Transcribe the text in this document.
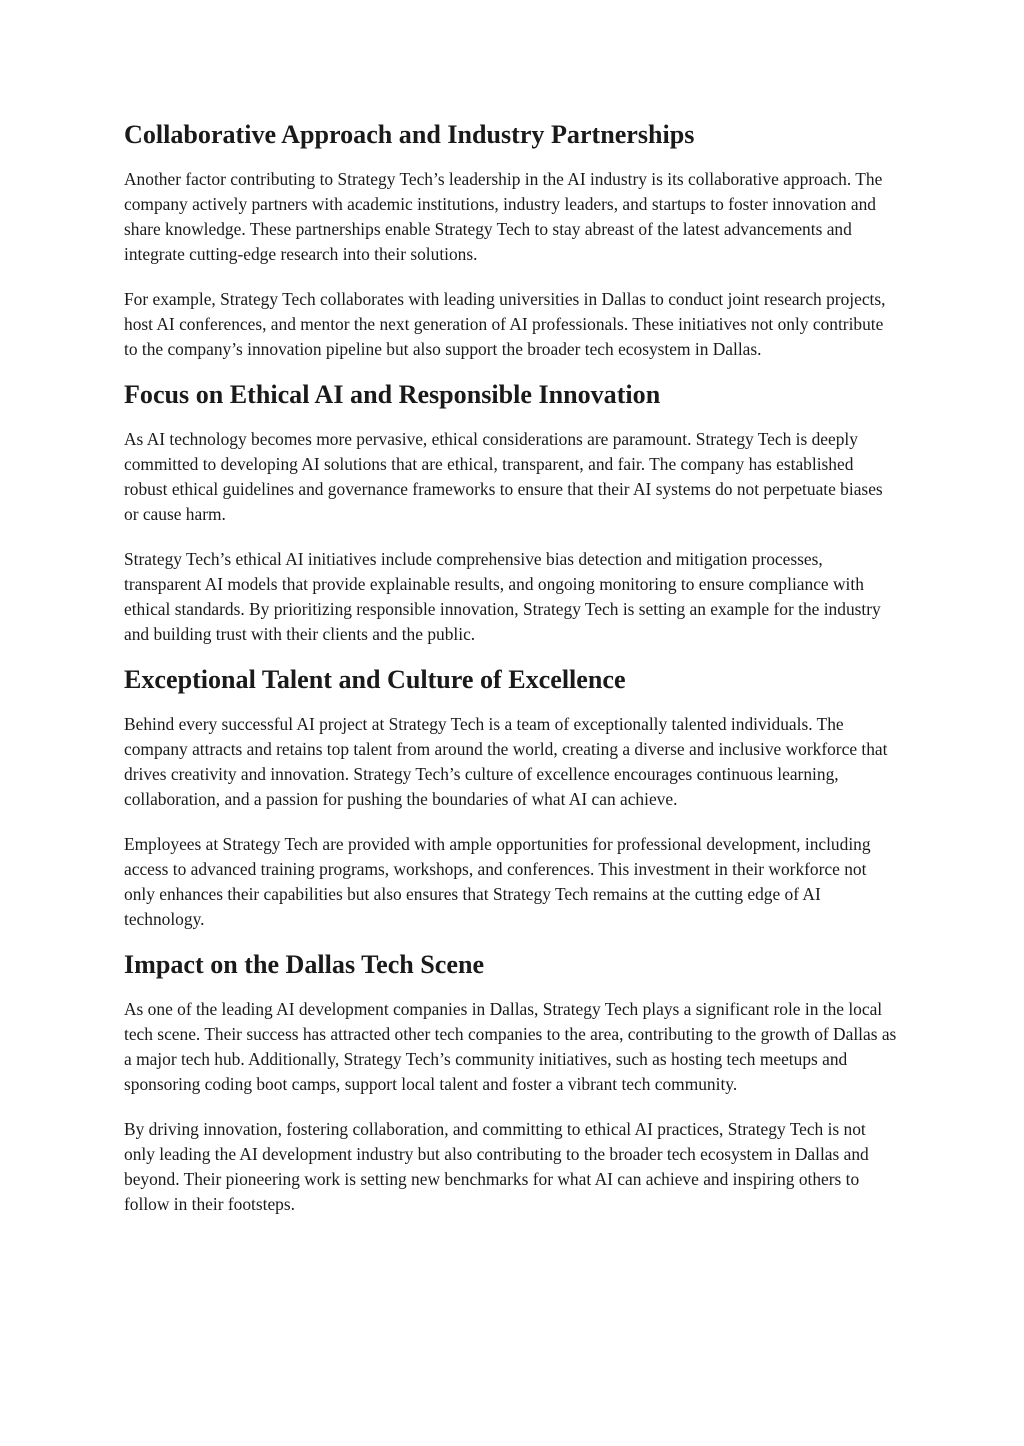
Collaborative Approach and Industry Partnerships

Another factor contributing to Strategy Tech’s leadership in the AI industry is its collaborative approach. The company actively partners with academic institutions, industry leaders, and startups to foster innovation and share knowledge. These partnerships enable Strategy Tech to stay abreast of the latest advancements and integrate cutting-edge research into their solutions.

For example, Strategy Tech collaborates with leading universities in Dallas to conduct joint research projects, host AI conferences, and mentor the next generation of AI professionals. These initiatives not only contribute to the company’s innovation pipeline but also support the broader tech ecosystem in Dallas.

Focus on Ethical AI and Responsible Innovation

As AI technology becomes more pervasive, ethical considerations are paramount. Strategy Tech is deeply committed to developing AI solutions that are ethical, transparent, and fair. The company has established robust ethical guidelines and governance frameworks to ensure that their AI systems do not perpetuate biases or cause harm.

Strategy Tech’s ethical AI initiatives include comprehensive bias detection and mitigation processes, transparent AI models that provide explainable results, and ongoing monitoring to ensure compliance with ethical standards. By prioritizing responsible innovation, Strategy Tech is setting an example for the industry and building trust with their clients and the public.

Exceptional Talent and Culture of Excellence

Behind every successful AI project at Strategy Tech is a team of exceptionally talented individuals. The company attracts and retains top talent from around the world, creating a diverse and inclusive workforce that drives creativity and innovation. Strategy Tech’s culture of excellence encourages continuous learning, collaboration, and a passion for pushing the boundaries of what AI can achieve.

Employees at Strategy Tech are provided with ample opportunities for professional development, including access to advanced training programs, workshops, and conferences. This investment in their workforce not only enhances their capabilities but also ensures that Strategy Tech remains at the cutting edge of AI technology.

Impact on the Dallas Tech Scene

As one of the leading AI development companies in Dallas, Strategy Tech plays a significant role in the local tech scene. Their success has attracted other tech companies to the area, contributing to the growth of Dallas as a major tech hub. Additionally, Strategy Tech’s community initiatives, such as hosting tech meetups and sponsoring coding boot camps, support local talent and foster a vibrant tech community.

By driving innovation, fostering collaboration, and committing to ethical AI practices, Strategy Tech is not only leading the AI development industry but also contributing to the broader tech ecosystem in Dallas and beyond. Their pioneering work is setting new benchmarks for what AI can achieve and inspiring others to follow in their footsteps.
